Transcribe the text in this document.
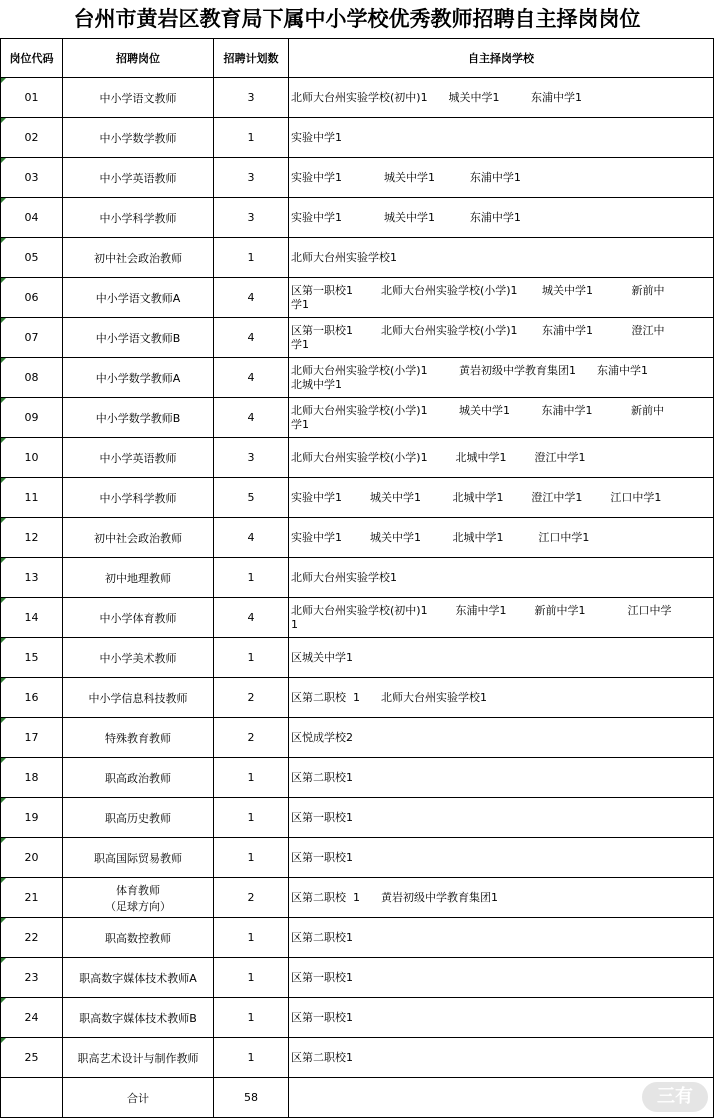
台州市黄岩区教育局下属中小学校优秀教师招聘自主择岗岗位
岗位代码	招聘岗位	招聘计划数	自主择岗学校
01	中小学语文教师	3	北师大台州实验学校(初中)1      城关中学1         东浦中学1

02	中小学数学教师	1	实验中学1

03	中小学英语教师	3	实验中学1            城关中学1          东浦中学1

04	中小学科学教师	3	实验中学1            城关中学1          东浦中学1

05	初中社会政治教师	1	北师大台州实验学校1

06	中小学语文教师A	4	区第一职校1        北师大台州实验学校(小学)1       城关中学1           新前中
学1

07	中小学语文教师B	4	区第一职校1        北师大台州实验学校(小学)1       东浦中学1           澄江中
学1

08	中小学数学教师A	4	北师大台州实验学校(小学)1         黄岩初级中学教育集团1      东浦中学1
北城中学1

09	中小学数学教师B	4	北师大台州实验学校(小学)1         城关中学1         东浦中学1           新前中
学1

10	中小学英语教师	3	北师大台州实验学校(小学)1        北城中学1        澄江中学1

11	中小学科学教师	5	实验中学1        城关中学1         北城中学1        澄江中学1        江口中学1

12	初中社会政治教师	4	实验中学1        城关中学1         北城中学1          江口中学1

13	初中地理教师	1	北师大台州实验学校1

14	中小学体育教师	4	北师大台州实验学校(初中)1        东浦中学1        新前中学1            江口中学
1

15	中小学美术教师	1	区城关中学1

16	中小学信息科技教师	2	区第二职校  1      北师大台州实验学校1

17	特殊教育教师	2	区悦成学校2

18	职高政治教师	1	区第二职校1

19	职高历史教师	1	区第一职校1

20	职高国际贸易教师	1	区第一职校1

21	体育教师
（足球方向）	2	区第二职校  1      黄岩初级中学教育集团1

22	职高数控教师	1	区第二职校1

23	职高数字媒体技术教师A	1	区第一职校1

24	职高数字媒体技术教师B	1	区第一职校1

25	职高艺术设计与制作教师	1	区第二职校1

	合计	58		三有
